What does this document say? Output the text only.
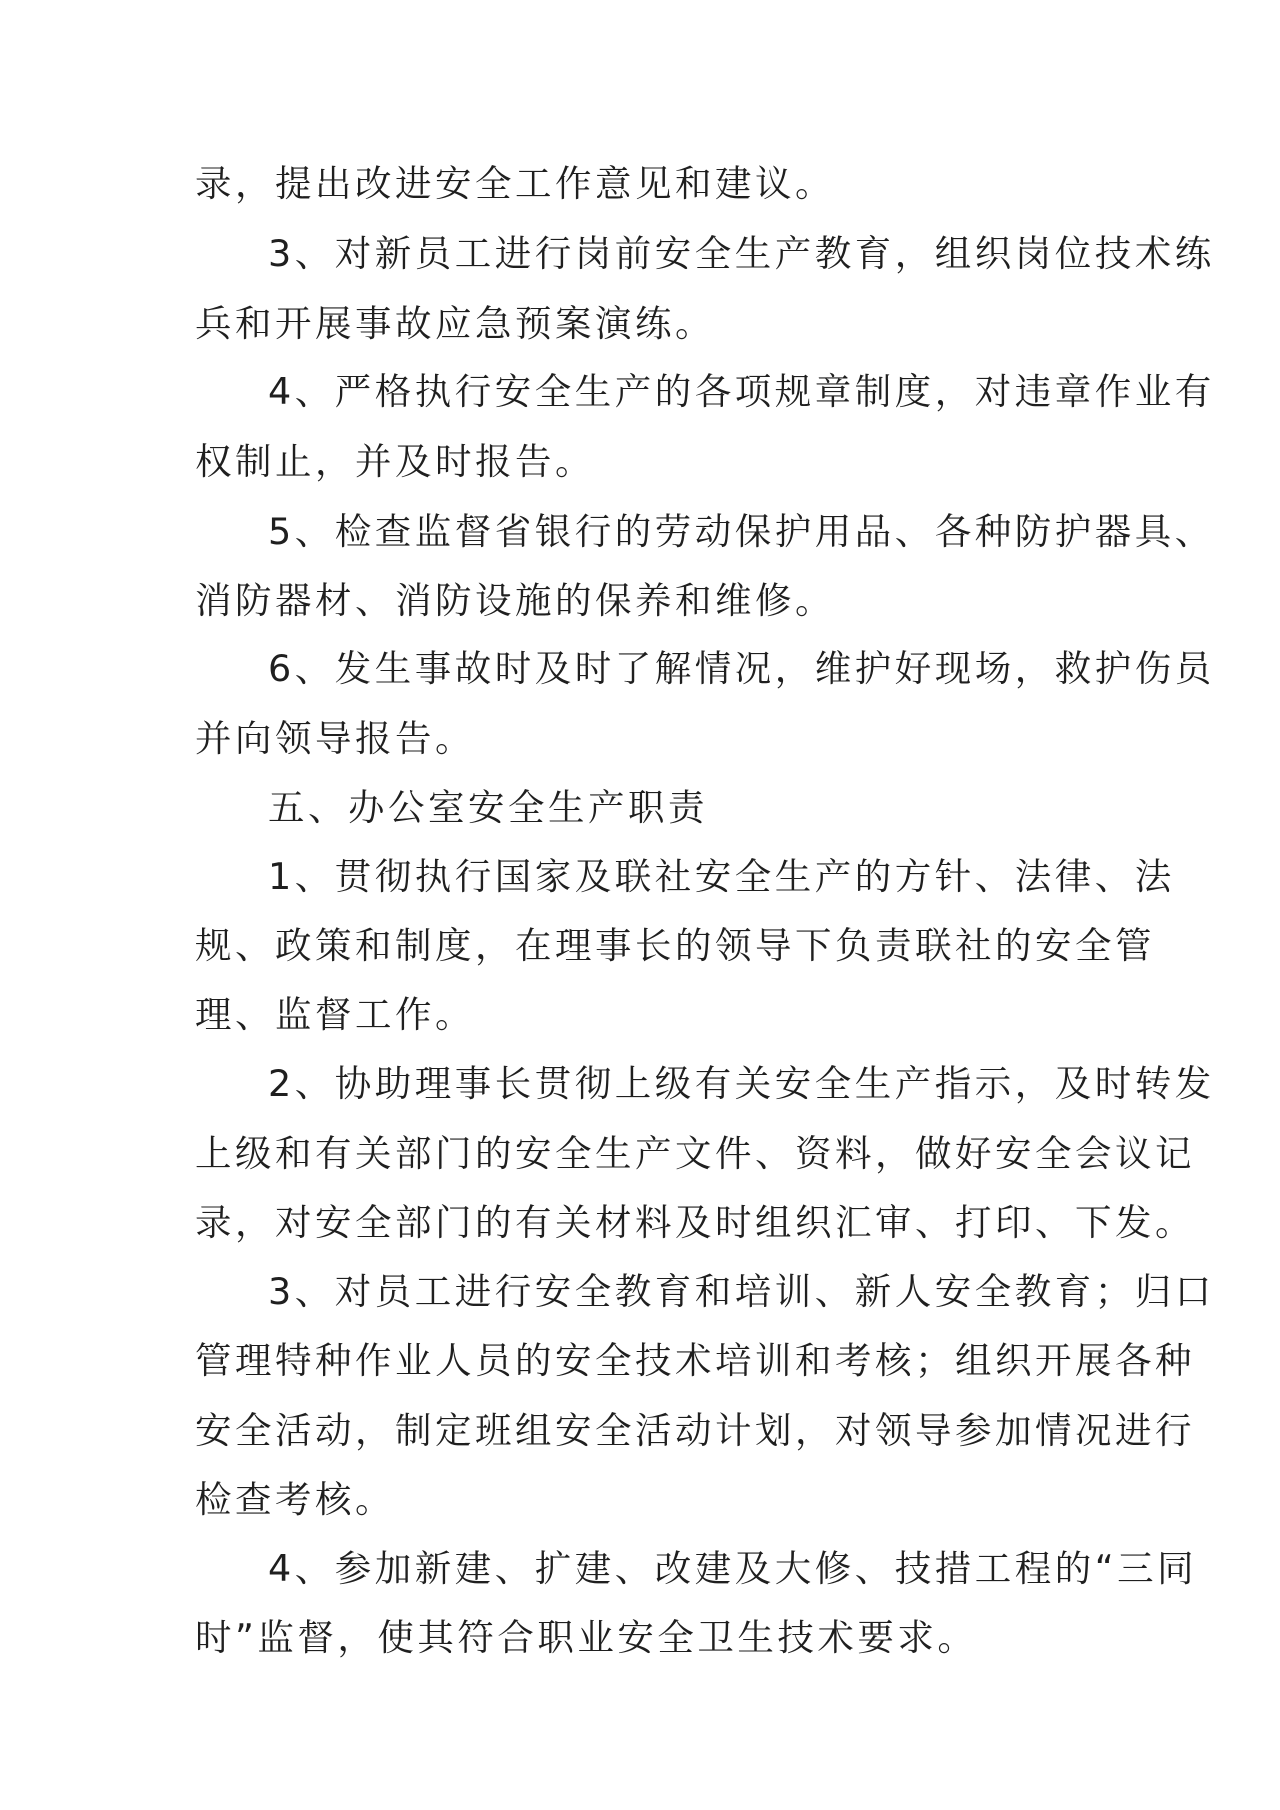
录，提出改进安全工作意见和建议。

3、对新员工进行岗前安全生产教育，组织岗位技术练

兵和开展事故应急预案演练。

4、严格执行安全生产的各项规章制度，对违章作业有

权制止，并及时报告。

5、检查监督省银行的劳动保护用品、各种防护器具、

消防器材、消防设施的保养和维修。

6、发生事故时及时了解情况，维护好现场，救护伤员

并向领导报告。

五、办公室安全生产职责

1、贯彻执行国家及联社安全生产的方针、法律、法

规、政策和制度，在理事长的领导下负责联社的安全管

理、监督工作。

2、协助理事长贯彻上级有关安全生产指示，及时转发

上级和有关部门的安全生产文件、资料，做好安全会议记

录，对安全部门的有关材料及时组织汇审、打印、下发。

3、对员工进行安全教育和培训、新人安全教育；归口

管理特种作业人员的安全技术培训和考核；组织开展各种

安全活动，制定班组安全活动计划，对领导参加情况进行

检查考核。

4、参加新建、扩建、改建及大修、技措工程的“三同

时”监督，使其符合职业安全卫生技术要求。
